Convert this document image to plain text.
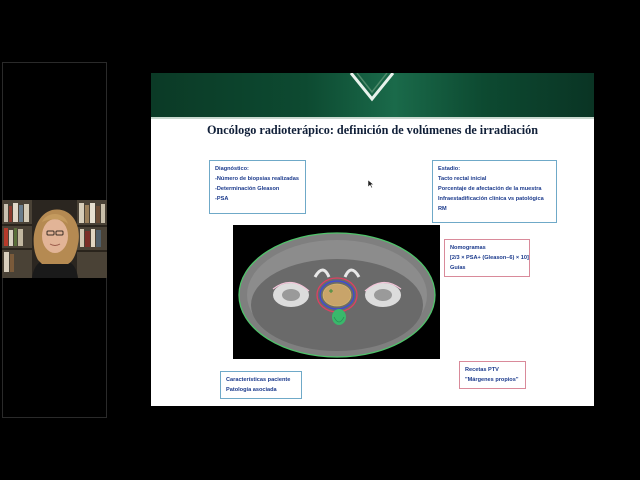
Oncólogo radioterápico: definición de volúmenes de irradiación
Diagnóstico:
-Número de biopsias realizadas
-Determinación Gleason
-PSA
Estadio:
Tacto rectal inicial
Porcentaje de afectación de la muestra
Infraestadificación clínica vs patológica
RM
Nomogramas
[2/3 × PSA+ (Gleason–6) × 10]
Guías
Características paciente
Patología asociada
Recetas PTV
"Márgenes propios"
